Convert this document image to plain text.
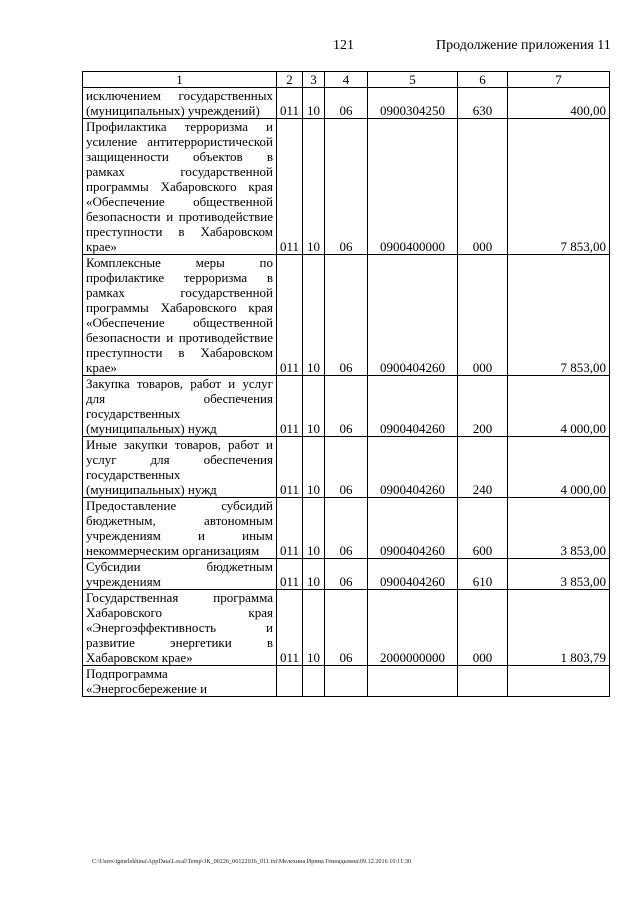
121	Продолжение приложения 11
1	2	3	4	5	6	7
исключением государственных (муниципальных) учреждений)	011	10	06	0900304250	630	400,00
Профилактика терроризма и усиление антитеррористической защищенности объектов в рамках государственной программы Хабаровского края «Обеспечение общественной безопасности и противодействие преступности в Хабаровском крае»	011	10	06	0900400000	000	7 853,00
Комплексные меры по профилактике терроризма в рамках государственной программы Хабаровского края «Обеспечение общественной безопасности и противодействие преступности в Хабаровском крае»	011	10	06	0900404260	000	7 853,00
Закупка товаров, работ и услуг для обеспечения государственных (муниципальных) нужд	011	10	06	0900404260	200	4 000,00
Иные закупки товаров, работ и услуг для обеспечения государственных (муниципальных) нужд	011	10	06	0900404260	240	4 000,00
Предоставление субсидий бюджетным, автономным учреждениям и иным некоммерческим организациям	011	10	06	0900404260	600	3 853,00
Субсидии бюджетным учреждениям	011	10	06	0900404260	610	3 853,00
Государственная программа Хабаровского края «Энергоэффективность и развитие энергетики в Хабаровском крае»	011	10	06	2000000000	000	1 803,79
Подпрограмма «Энергосбережение и						
C:\Users\igmelekhina\AppData\Local\Temp\ЗК_00226_06122016_011.txt\Мелехина Ирина Геннадьевна\09.12.2016 10:11:30
